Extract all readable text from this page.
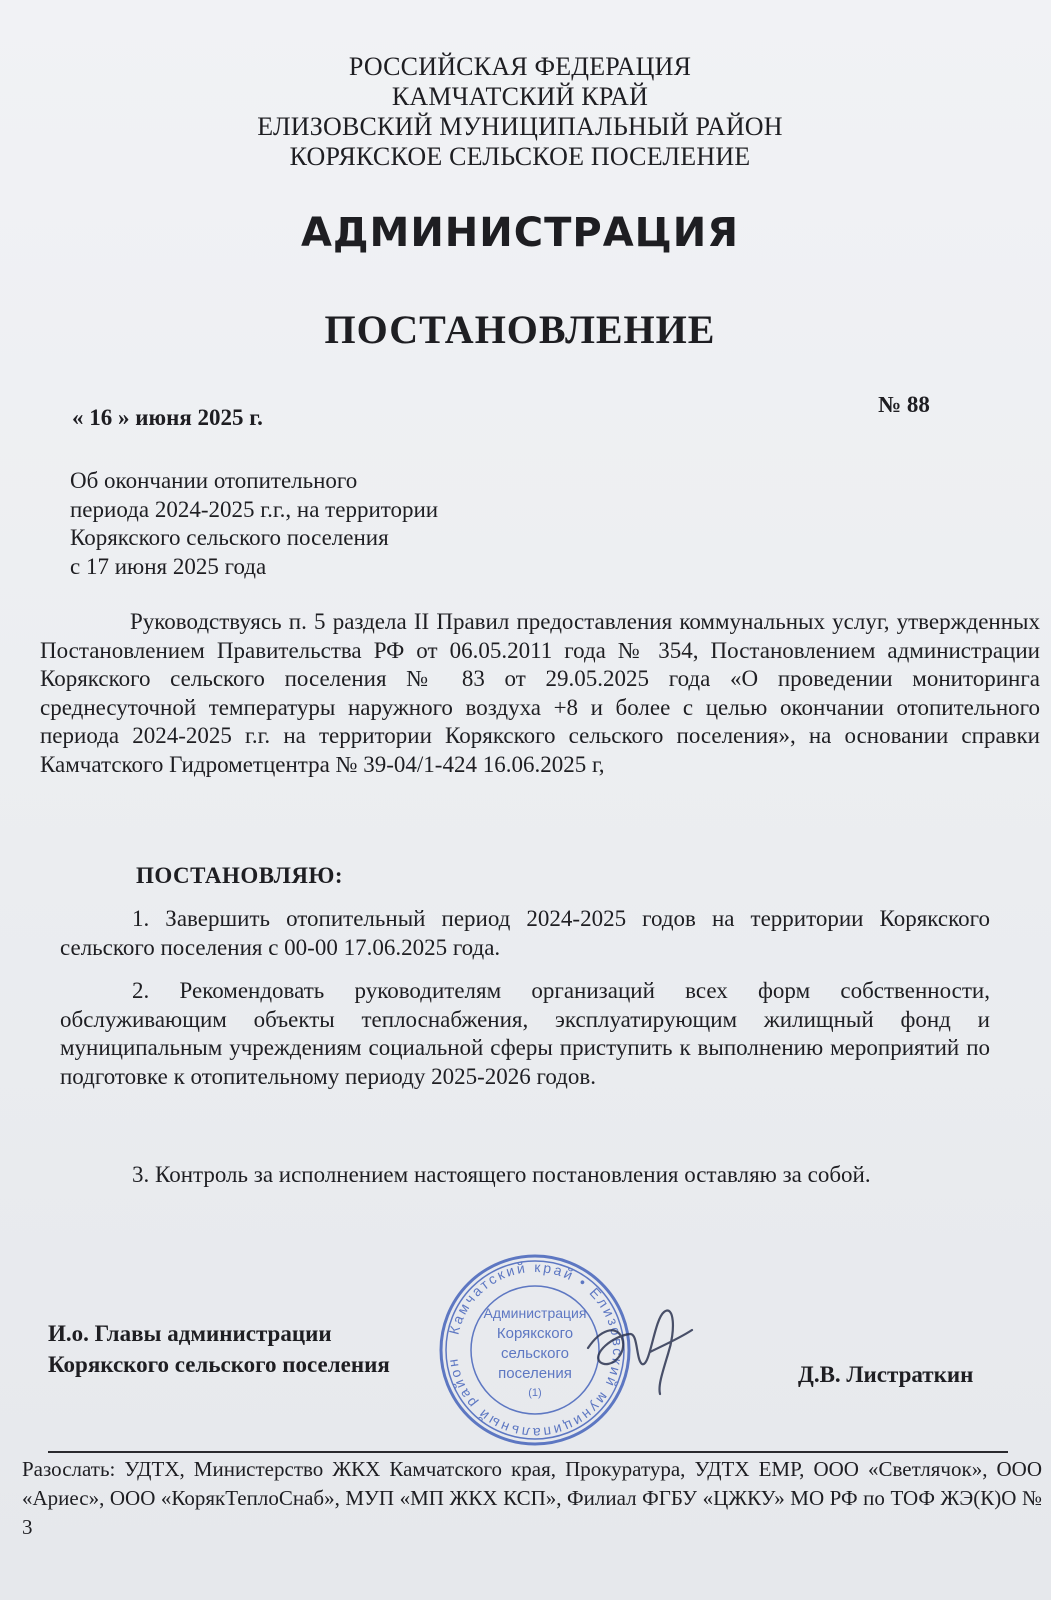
РОССИЙСКАЯ ФЕДЕРАЦИЯ
КАМЧАТСКИЙ КРАЙ
ЕЛИЗОВСКИЙ МУНИЦИПАЛЬНЫЙ РАЙОН
КОРЯКСКОЕ СЕЛЬСКОЕ ПОСЕЛЕНИЕ
АДМИНИСТРАЦИЯ
ПОСТАНОВЛЕНИЕ
« 16 » июня 2025 г.
№ 88
Об окончании отопительного
периода 2024-2025 г.г., на территории
Корякского сельского поселения
с 17 июня 2025 года
Руководствуясь п. 5 раздела II Правил предоставления коммунальных услуг, утвержденных Постановлением Правительства РФ от 06.05.2011 года № 354, Постановлением администрации Корякского сельского поселения № 83 от 29.05.2025 года «О проведении мониторинга среднесуточной температуры наружного воздуха +8 и более с целью окончании отопительного периода 2024-2025 г.г. на территории Корякского сельского поселения», на основании справки Камчатского Гидрометцентра № 39-04/1-424 16.06.2025 г,
ПОСТАНОВЛЯЮ:
1. Завершить отопительный период 2024-2025 годов на территории Корякского сельского поселения с 00-00 17.06.2025 года.
2. Рекомендовать руководителям организаций всех форм собственности, обслуживающим объекты теплоснабжения, эксплуатирующим жилищный фонд и муниципальным учреждениям социальной сферы приступить к выполнению мероприятий по подготовке к отопительному периоду 2025-2026 годов.
3. Контроль за исполнением настоящего постановления оставляю за собой.
И.о. Главы администрации
Корякского сельского поселения
Камчатский край • Елизовский муниципальный район
Администрация
Корякского
сельского
поселения
(1)
Д.В. Листраткин
Разослать: УДТХ, Министерство ЖКХ Камчатского края, Прокуратура, УДТХ ЕМР, ООО «Светлячок», ООО «Ариес», ООО «КорякТеплоСнаб», МУП «МП ЖКХ КСП», Филиал ФГБУ «ЦЖКУ» МО РФ по ТОФ ЖЭ(К)О № 3
